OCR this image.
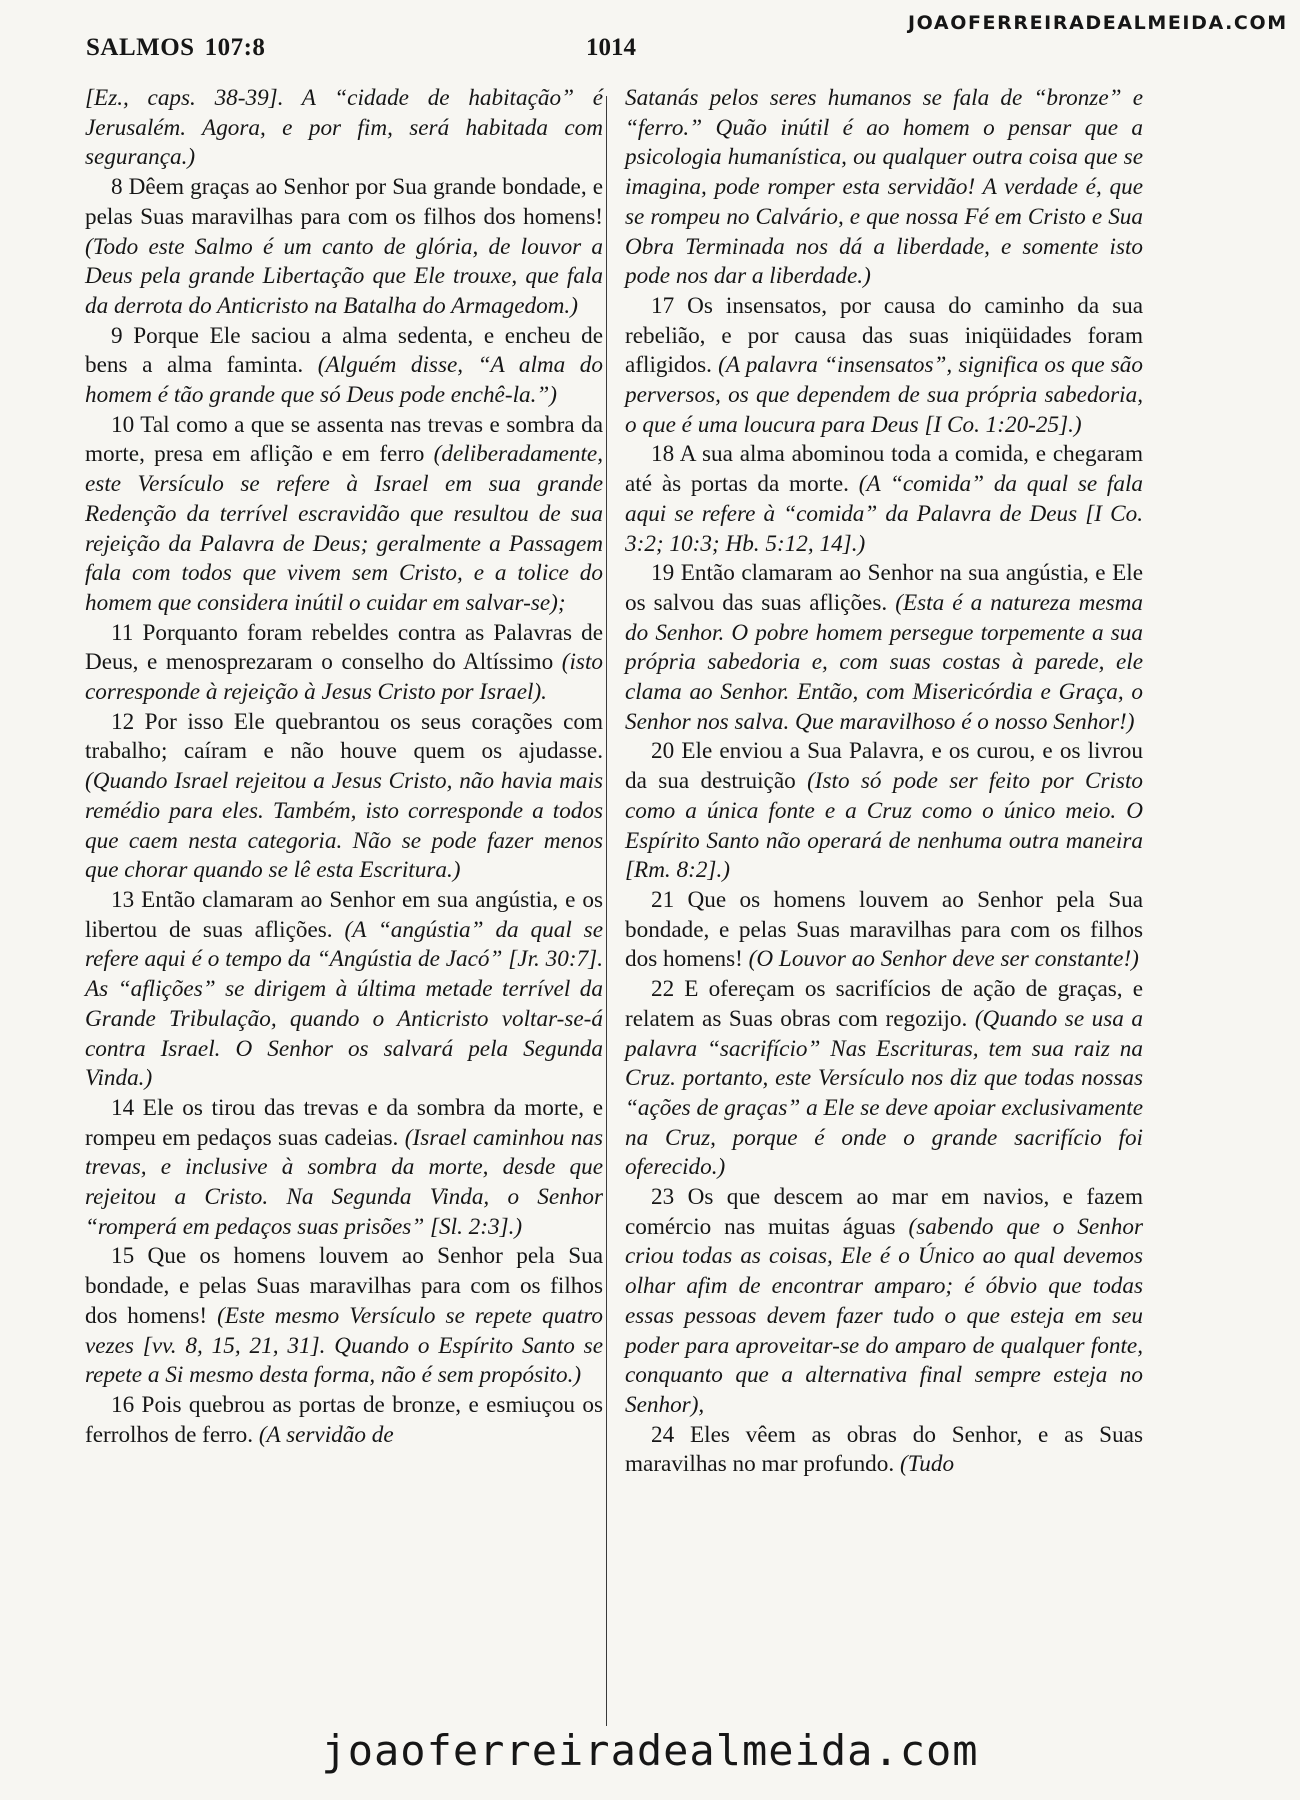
SALMOS 107:8	1014
JOAOFERREIRADEALMEIDA.COM

[Ez., caps. 38-39]. A “cidade de habitação” é Jerusalém. Agora, e por fim, será habitada com segurança.)

8 Dêem graças ao Senhor por Sua grande bondade, e pelas Suas maravilhas para com os filhos dos homens! (Todo este Salmo é um canto de glória, de louvor a Deus pela grande Libertação que Ele trouxe, que fala da derrota do Anticristo na Batalha do Armagedom.)

9 Porque Ele saciou a alma sedenta, e encheu de bens a alma faminta. (Alguém disse, “A alma do homem é tão grande que só Deus pode enchê-la.”)

10 Tal como a que se assenta nas trevas e sombra da morte, presa em aflição e em ferro (deliberadamente, este Versículo se refere à Israel em sua grande Redenção da terrível escravidão que resultou de sua rejeição da Palavra de Deus; geralmente a Passagem fala com todos que vivem sem Cristo, e a tolice do homem que considera inútil o cuidar em salvar-se);

11 Porquanto foram rebeldes contra as Palavras de Deus, e menosprezaram o conselho do Altíssimo (isto corresponde à rejeição à Jesus Cristo por Israel).

12 Por isso Ele quebrantou os seus corações com trabalho; caíram e não houve quem os ajudasse. (Quando Israel rejeitou a Jesus Cristo, não havia mais remédio para eles. Também, isto corresponde a todos que caem nesta categoria. Não se pode fazer menos que chorar quando se lê esta Escritura.)

13 Então clamaram ao Senhor em sua angústia, e os libertou de suas aflições. (A “angústia” da qual se refere aqui é o tempo da “Angústia de Jacó” [Jr. 30:7]. As “aflições” se dirigem à última metade terrível da Grande Tribulação, quando o Anticristo voltar-se-á contra Israel. O Senhor os salvará pela Segunda Vinda.)

14 Ele os tirou das trevas e da sombra da morte, e rompeu em pedaços suas cadeias. (Israel caminhou nas trevas, e inclusive à sombra da morte, desde que rejeitou a Cristo. Na Segunda Vinda, o Senhor “romperá em pedaços suas prisões” [Sl. 2:3].)

15 Que os homens louvem ao Senhor pela Sua bondade, e pelas Suas maravilhas para com os filhos dos homens! (Este mesmo Versículo se repete quatro vezes [vv. 8, 15, 21, 31]. Quando o Espírito Santo se repete a Si mesmo desta forma, não é sem propósito.)

16 Pois quebrou as portas de bronze, e esmiuçou os ferrolhos de ferro. (A servidão de

Satanás pelos seres humanos se fala de “bronze” e “ferro.” Quão inútil é ao homem o pensar que a psicologia humanística, ou qualquer outra coisa que se imagina, pode romper esta servidão! A verdade é, que se rompeu no Calvário, e que nossa Fé em Cristo e Sua Obra Terminada nos dá a liberdade, e somente isto pode nos dar a liberdade.)

17 Os insensatos, por causa do caminho da sua rebelião, e por causa das suas iniqüidades foram afligidos. (A palavra “insensatos”, significa os que são perversos, os que dependem de sua própria sabedoria, o que é uma loucura para Deus [I Co. 1:20-25].)

18 A sua alma abominou toda a comida, e chegaram até às portas da morte. (A “comida” da qual se fala aqui se refere à “comida” da Palavra de Deus [I Co. 3:2; 10:3; Hb. 5:12, 14].)

19 Então clamaram ao Senhor na sua angústia, e Ele os salvou das suas aflições. (Esta é a natureza mesma do Senhor. O pobre homem persegue torpemente a sua própria sabedoria e, com suas costas à parede, ele clama ao Senhor. Então, com Misericórdia e Graça, o Senhor nos salva. Que maravilhoso é o nosso Senhor!)

20 Ele enviou a Sua Palavra, e os curou, e os livrou da sua destruição (Isto só pode ser feito por Cristo como a única fonte e a Cruz como o único meio. O Espírito Santo não operará de nenhuma outra maneira [Rm. 8:2].)

21 Que os homens louvem ao Senhor pela Sua bondade, e pelas Suas maravilhas para com os filhos dos homens! (O Louvor ao Senhor deve ser constante!)

22 E ofereçam os sacrifícios de ação de graças, e relatem as Suas obras com regozijo. (Quando se usa a palavra “sacrifício” Nas Escrituras, tem sua raiz na Cruz. portanto, este Versículo nos diz que todas nossas “ações de graças” a Ele se deve apoiar exclusivamente na Cruz, porque é onde o grande sacrifício foi oferecido.)

23 Os que descem ao mar em navios, e fazem comércio nas muitas águas (sabendo que o Senhor criou todas as coisas, Ele é o Único ao qual devemos olhar afim de encontrar amparo; é óbvio que todas essas pessoas devem fazer tudo o que esteja em seu poder para aproveitar-se do amparo de qualquer fonte, conquanto que a alternativa final sempre esteja no Senhor),

24 Eles vêem as obras do Senhor, e as Suas maravilhas no mar profundo. (Tudo

joaoferreiradealmeida.com
